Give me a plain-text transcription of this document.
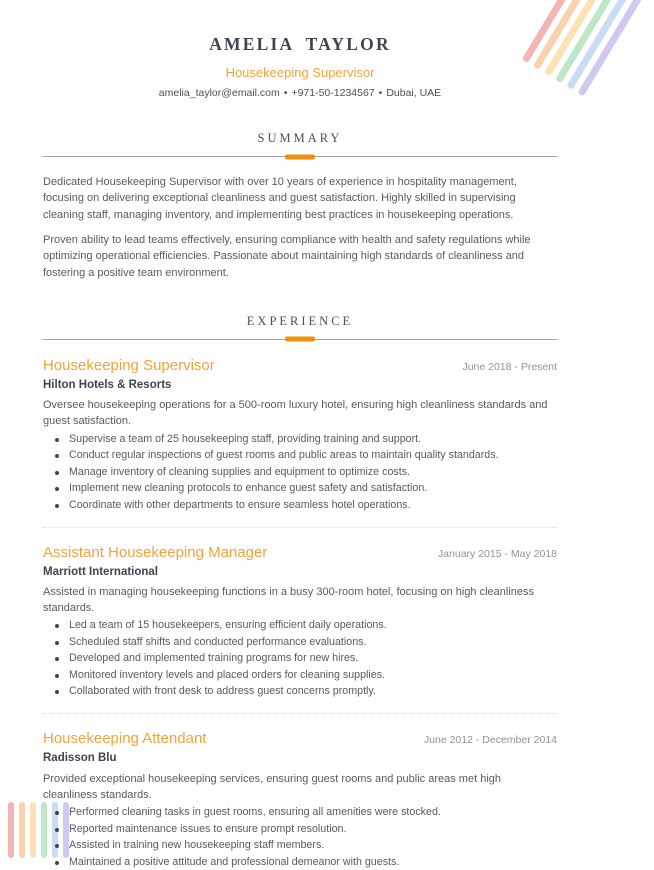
AMELIA TAYLOR
Housekeeping Supervisor
amelia_taylor@email.com • +971-50-1234567 • Dubai, UAE
SUMMARY

Dedicated Housekeeping Supervisor with over 10 years of experience in hospitality management, focusing on delivering exceptional cleanliness and guest satisfaction. Highly skilled in supervising cleaning staff, managing inventory, and implementing best practices in housekeeping operations.

Proven ability to lead teams effectively, ensuring compliance with health and safety regulations while optimizing operational efficiencies. Passionate about maintaining high standards of cleanliness and fostering a positive team environment.

EXPERIENCE
Housekeeping Supervisor	June 2018 - Present
Hilton Hotels & Resorts

Oversee housekeeping operations for a 500-room luxury hotel, ensuring high cleanliness standards and guest satisfaction.

Supervise a team of 25 housekeeping staff, providing training and support.
Conduct regular inspections of guest rooms and public areas to maintain quality standards.
Manage inventory of cleaning supplies and equipment to optimize costs.
Implement new cleaning protocols to enhance guest safety and satisfaction.
Coordinate with other departments to ensure seamless hotel operations.
Assistant Housekeeping Manager	January 2015 - May 2018
Marriott International

Assisted in managing housekeeping functions in a busy 300-room hotel, focusing on high cleanliness standards.

Led a team of 15 housekeepers, ensuring efficient daily operations.
Scheduled staff shifts and conducted performance evaluations.
Developed and implemented training programs for new hires.
Monitored inventory levels and placed orders for cleaning supplies.
Collaborated with front desk to address guest concerns promptly.
Housekeeping Attendant	June 2012 - December 2014
Radisson Blu

Provided exceptional housekeeping services, ensuring guest rooms and public areas met high cleanliness standards.

Performed cleaning tasks in guest rooms, ensuring all amenities were stocked.
Reported maintenance issues to ensure prompt resolution.
Assisted in training new housekeeping staff members.
Maintained a positive attitude and professional demeanor with guests.
